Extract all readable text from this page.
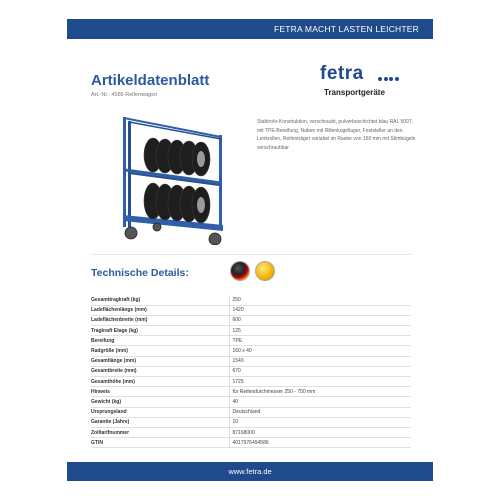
FETRA MACHT LASTEN LEICHTER
Artikeldatenblatt
Art.-Nr.: 4586 Reifenwagen
fetra
Transportgeräte
Stahlrohr-Konstruktion, verschraubt, pulverbeschichtet blau RAL 5007, mit TPE-Bereifung, Naben mit Rillenkugellager, Feststeller an den Lenkrollen, Reifenträger variabel im Raster von 150 mm mit Stimbügeln verschraubbar
Technische Details:
Gesamttragkraft (kg)	250
Ladeflächenlänge (mm)	1420
Ladeflächenbreite (mm)	600
Tragkraft Etage (kg)	125
Bereifung	TPE
Radgröße (mm)	160 x 40
Gesamtlänge (mm)	1540
Gesamtbreite (mm)	670
Gesamthöhe (mm)	1725
Hinweis	für Reifendurchmesser 250 - 750 mm
Gewicht (kg)	40
Ursprungsland	Deutschland
Garantie (Jahre)	10
Zolltarifnummer	87168000
GTIN	4017976494586
www.fetra.de
